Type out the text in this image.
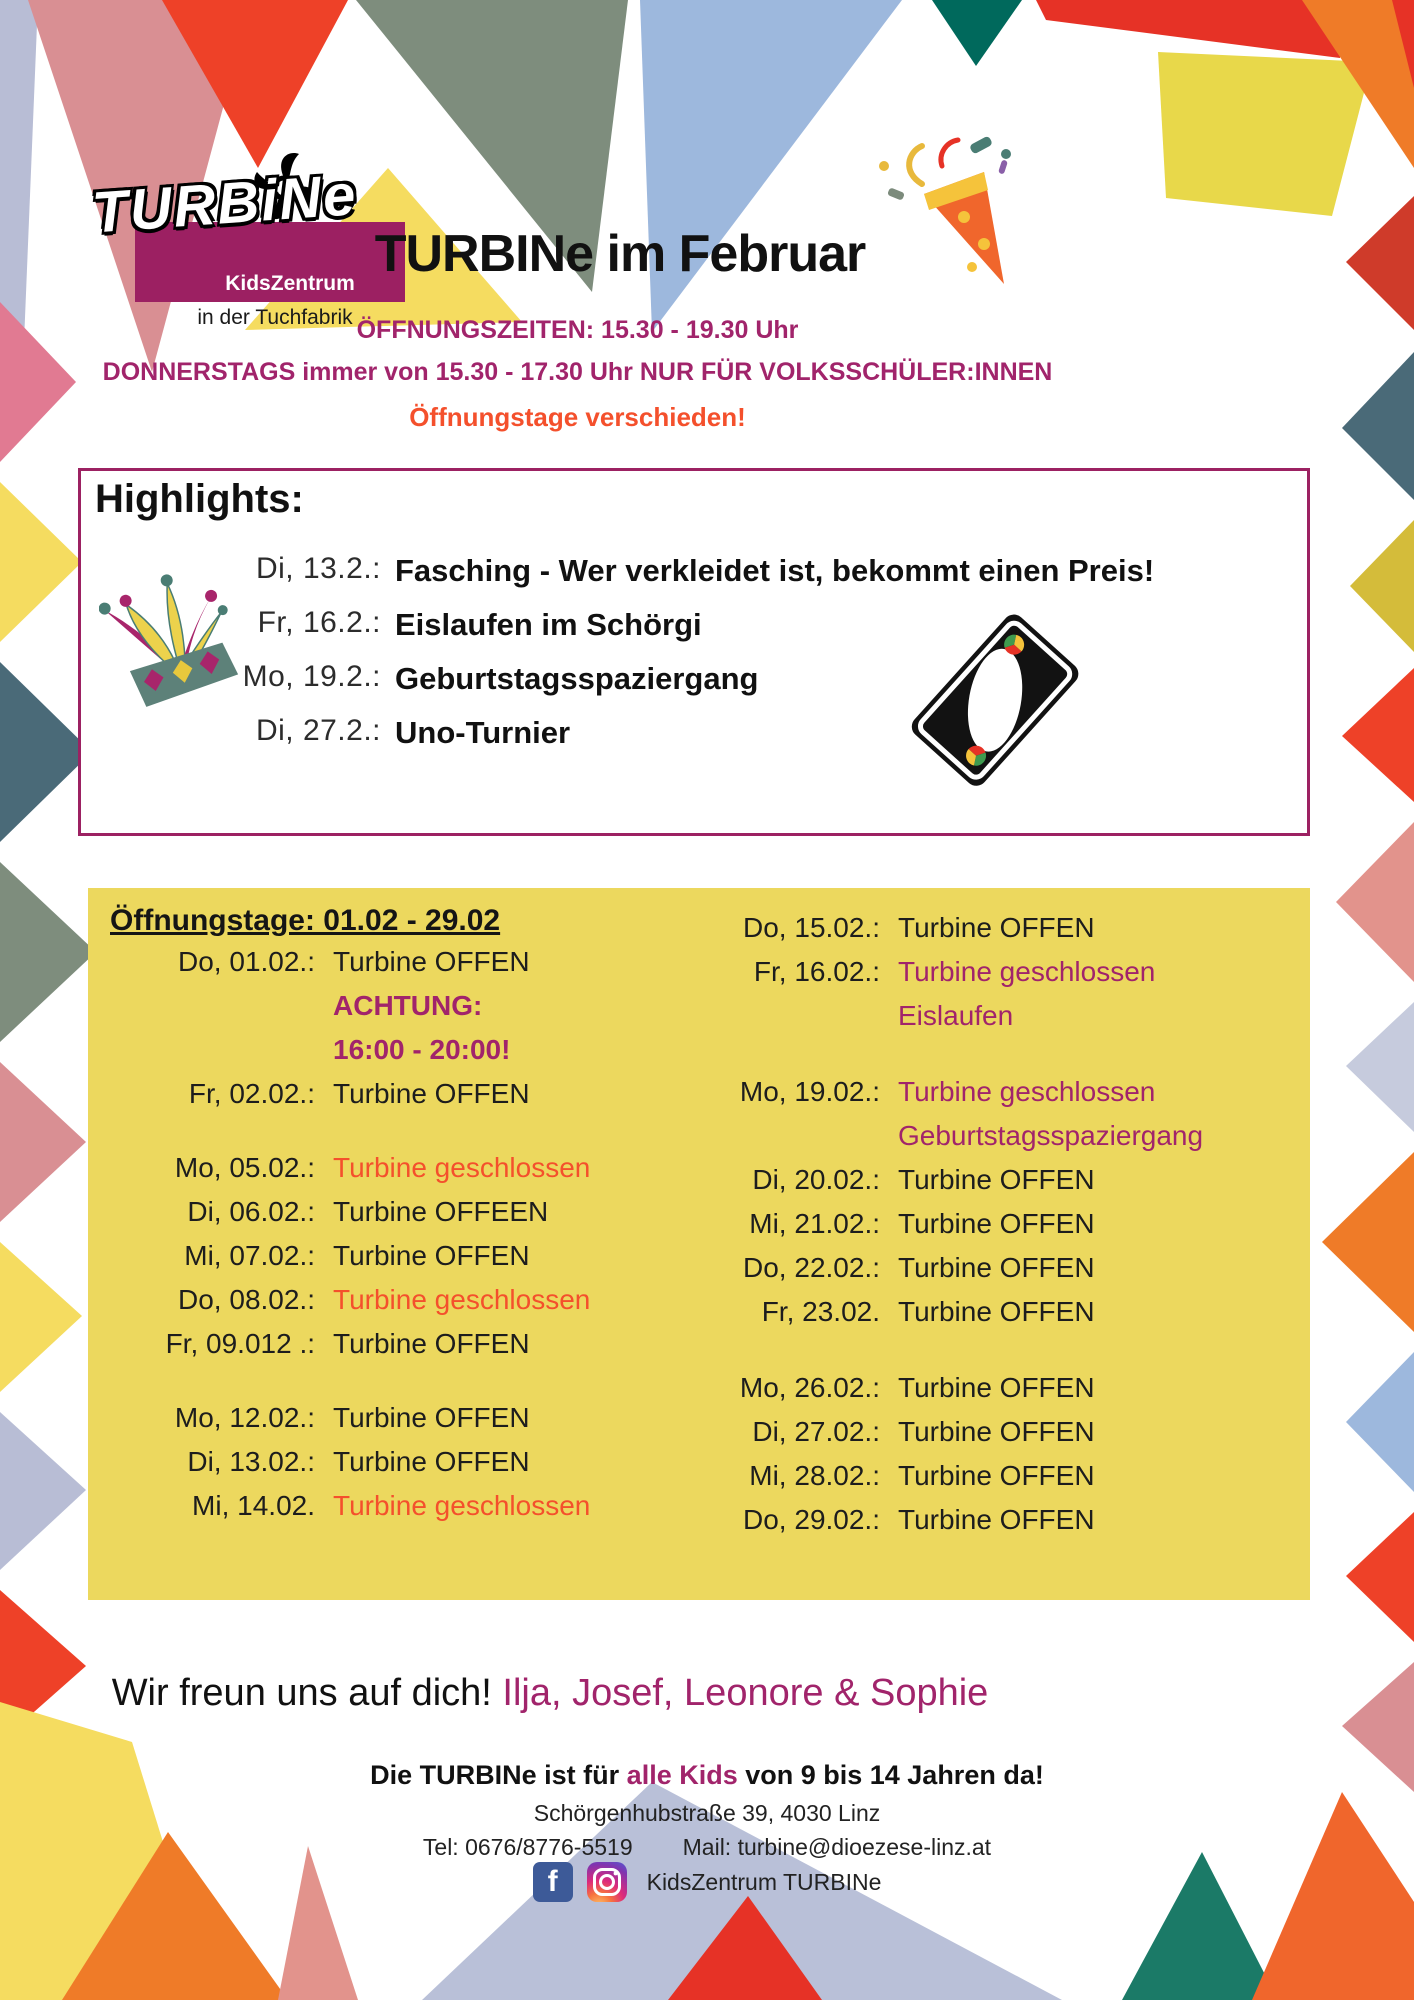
TURBiNe
KidsZentrum
in der Tuchfabrik
TURBINe im Februar
ÖFFNUNGSZEITEN: 15.30 - 19.30 Uhr
DONNERSTAGS immer von 15.30 - 17.30 Uhr NUR FÜR VOLKSSCHÜLER:INNEN
Öffnungstage verschieden!
Highlights:
Di, 13.2.: Fasching - Wer verkleidet ist, bekommt einen Preis!
Fr, 16.2.: Eislaufen im Schörgi
Mo, 19.2.: Geburtstagsspaziergang
Di, 27.2.: Uno-Turnier
Öffnungstage: 01.02 - 29.02
Do, 01.02.: Turbine OFFEN
ACHTUNG:
16:00 - 20:00!
Fr, 02.02.: Turbine OFFEN
Mo, 05.02.: Turbine geschlossen
Di, 06.02.: Turbine OFFEEN
Mi, 07.02.: Turbine OFFEN
Do, 08.02.: Turbine geschlossen
Fr, 09.012 .: Turbine OFFEN
Mo, 12.02.: Turbine OFFEN
Di, 13.02.: Turbine OFFEN
Mi, 14.02. Turbine geschlossen
Do, 15.02.: Turbine OFFEN
Fr, 16.02.: Turbine geschlossen
Eislaufen
Mo, 19.02.: Turbine geschlossen
Geburtstagsspaziergang
Di, 20.02.: Turbine OFFEN
Mi, 21.02.: Turbine OFFEN
Do, 22.02.: Turbine OFFEN
Fr, 23.02. Turbine OFFEN
Mo, 26.02.: Turbine OFFEN
Di, 27.02.: Turbine OFFEN
Mi, 28.02.: Turbine OFFEN
Do, 29.02.: Turbine OFFEN
Wir freun uns auf dich! Ilja, Josef, Leonore & Sophie
Die TURBINe ist für alle Kids von 9 bis 14 Jahren da!
Schörgenhubstraße 39, 4030 Linz
Tel: 0676/8776-5519 Mail: turbine@dioezese-linz.at
f	KidsZentrum TURBINe
